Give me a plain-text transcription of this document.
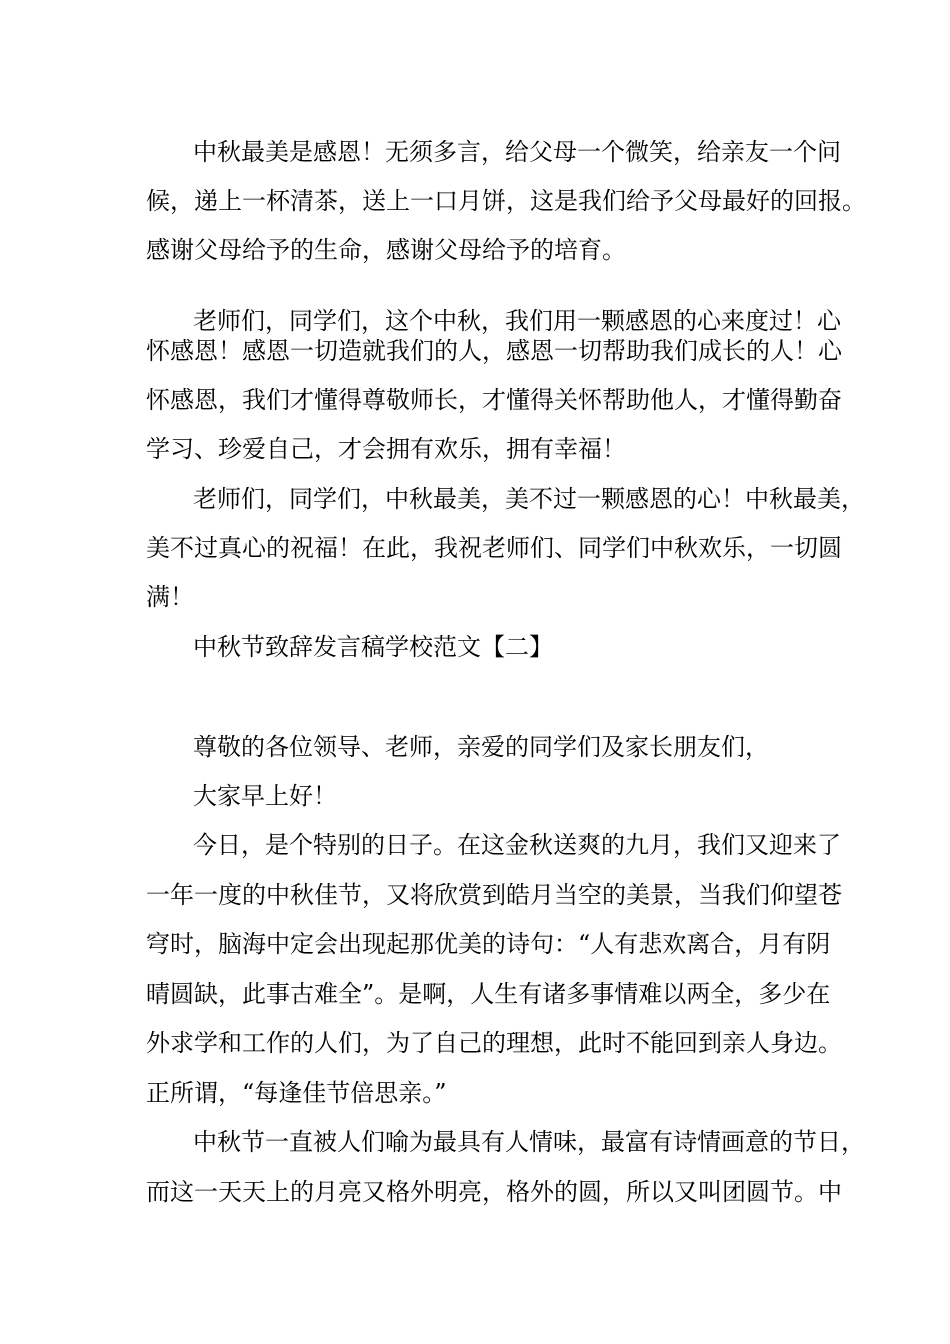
中秋最美是感恩！无须多言，给父母一个微笑，给亲友一个问
候，递上一杯清茶，送上一口月饼，这是我们给予父母最好的回报。
感谢父母给予的生命，感谢父母给予的培育。
老师们，同学们，这个中秋，我们用一颗感恩的心来度过！心
怀感恩！感恩一切造就我们的人，感恩一切帮助我们成长的人！心
怀感恩，我们才懂得尊敬师长，才懂得关怀帮助他人，才懂得勤奋
学习、珍爱自己，才会拥有欢乐，拥有幸福！
老师们，同学们，中秋最美，美不过一颗感恩的心！中秋最美，
美不过真心的祝福！在此，我祝老师们、同学们中秋欢乐，一切圆
满！
中秋节致辞发言稿学校范文【二】
尊敬的各位领导、老师，亲爱的同学们及家长朋友们，
大家早上好！
今日，是个特别的日子。在这金秋送爽的九月，我们又迎来了
一年一度的中秋佳节，又将欣赏到皓月当空的美景，当我们仰望苍
穹时，脑海中定会出现起那优美的诗句：“人有悲欢离合，月有阴
晴圆缺，此事古难全”。是啊，人生有诸多事情难以两全，多少在
外求学和工作的人们，为了自己的理想，此时不能回到亲人身边。
正所谓，“每逢佳节倍思亲。”
中秋节一直被人们喻为最具有人情味，最富有诗情画意的节日，
而这一天天上的月亮又格外明亮，格外的圆，所以又叫团圆节。中
